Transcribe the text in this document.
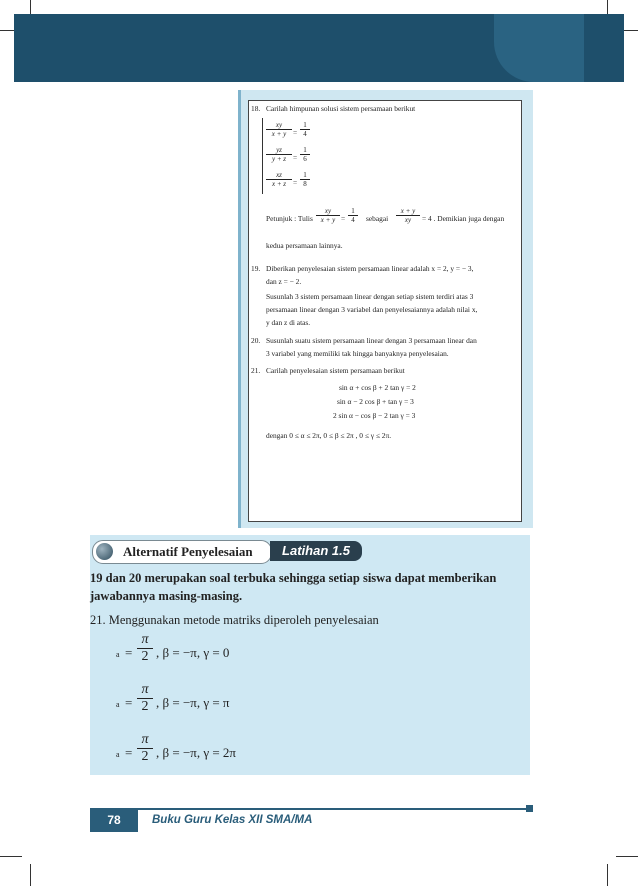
18. Carilah himpunan solusi sistem persamaan berikut
$\frac{xy}{x + y} = \frac{1}{4}$
$\frac{yz}{y + z} = \frac{1}{6}$
$\frac{xz}{x + z} = \frac{1}{8}$
Petunjuk : Tulis $\frac{xy}{x + y} = \frac{1}{4}$ sebagai $\frac{x + y}{xy} = 4$ . Demikian juga dengan
kedua persamaan lainnya.
19. Diberikan penyelesaian sistem persamaan linear adalah x = 2, y = − 3,
dan z = − 2.
Susunlah 3 sistem persamaan linear dengan setiap sistem terdiri atas 3
persamaan linear dengan 3 variabel dan penyelesaiannya adalah nilai x,
y dan z di atas.
20. Susunlah suatu sistem persamaan linear dengan 3 persamaan linear dan
3 variabel yang memiliki tak hingga banyaknya penyelesaian.
21. Carilah penyelesaian sistem persamaan berikut
sin α + cos β + 2 tan γ = 2
sin α − 2 cos β + tan γ = 3
2 sin α − cos β − 2 tan γ = 3
dengan 0 ≤ α ≤ 2π, 0 ≤ β ≤ 2π , 0 ≤ γ ≤ 2π.
Alternatif Penyelesaian	Latihan 1.5
19 dan 20 merupakan soal terbuka sehingga setiap siswa dapat memberikan
jawabannya masing-masing.
21. Menggunakan metode matriks diperoleh penyelesaian
$a = \frac{\pi}{2}$ , β = −π, γ = 0
$a = \frac{\pi}{2}$ , β = −π, γ = π
$a = \frac{\pi}{2}$ , β = −π, γ = 2π
78	Buku Guru Kelas XII SMA/MA
